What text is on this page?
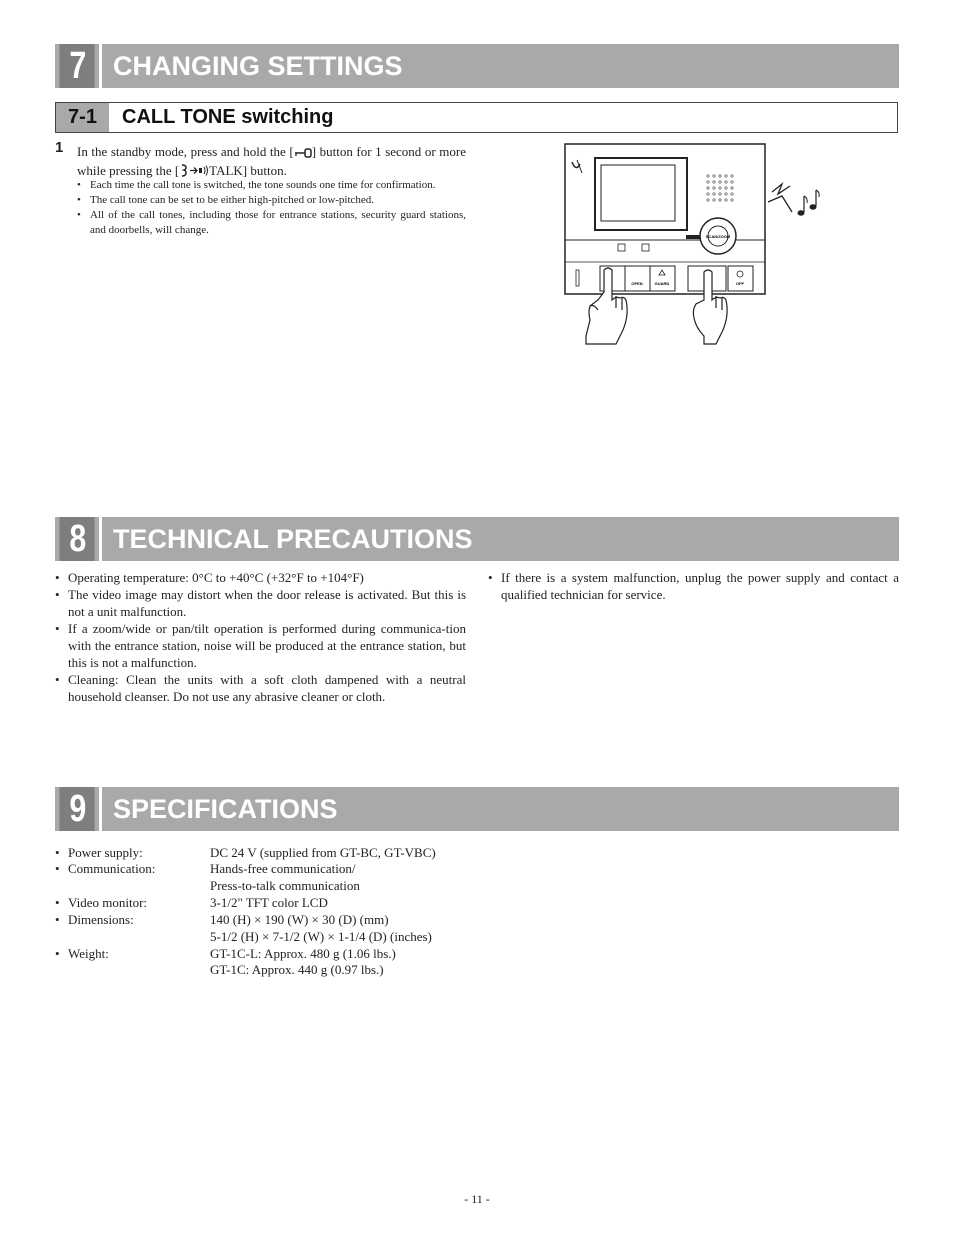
7	CHANGING SETTINGS
7-1	CALL TONE switching
1 In the standby mode, press and hold the [ ] button for 1 second or more while pressing the [ TALK] button.
• Each time the call tone is switched, the tone sounds one time for confirmation.
• The call tone can be set to be either high-pitched or low-pitched.
• All of the call tones, including those for entrance stations, security guard stations, and doorbells, will change.
SCAN/ZOOM
OPEN	GUARD	OFF
8	TECHNICAL PRECAUTIONS
• Operating temperature: 0°C to +40°C (+32°F to +104°F)
• The video image may distort when the door release is activated. But this is not a unit malfunction.
• If a zoom/wide or pan/tilt operation is performed during communica-tion with the entrance station, noise will be produced at the entrance station, but this is not a malfunction.
• Cleaning: Clean the units with a soft cloth dampened with a neutral household cleanser. Do not use any abrasive cleaner or cloth.
• If there is a system malfunction, unplug the power supply and contact a qualified technician for service.
9	SPECIFICATIONS
• Power supply:	DC 24 V (supplied from GT-BC, GT-VBC)
• Communication:	Hands-free communication/
Press-to-talk communication
• Video monitor:	3-1/2" TFT color LCD
• Dimensions:	140 (H) × 190 (W) × 30 (D) (mm)
5-1/2 (H) × 7-1/2 (W) × 1-1/4 (D) (inches)
• Weight:	GT-1C-L: Approx. 480 g (1.06 lbs.)
GT-1C: Approx. 440 g (0.97 lbs.)
- 11 -
